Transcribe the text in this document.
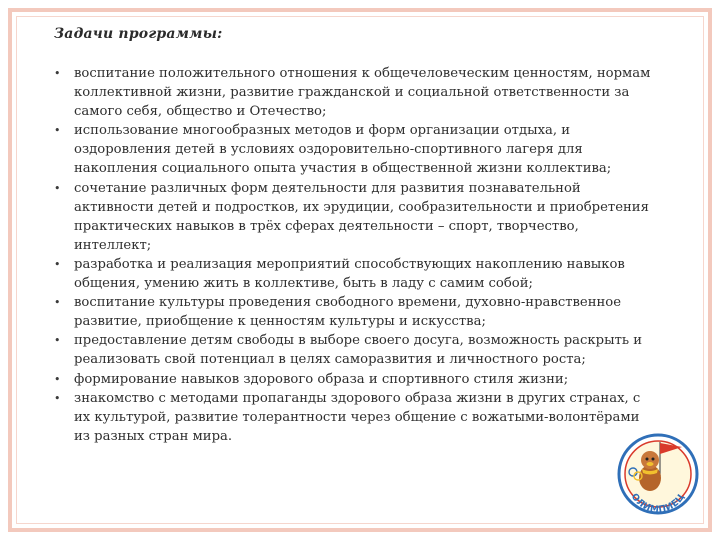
Задачи программы:
• воспитание положительного отношения к общечеловеческим ценностям, нормам коллективной жизни, развитие гражданской и социальной ответственности за самого себя, общество и Отечество;
• использование многообразных методов и форм организации отдыха, и оздоровления детей в условиях оздоровительно-спортивного лагеря для накопления социального опыта участия в общественной жизни коллектива;
• сочетание различных форм деятельности для развития познавательной активности детей и подростков, их эрудиции, сообразительности и приобретения практических навыков в трёх сферах деятельности – спорт, творчество, интеллект;
• разработка и реализация мероприятий способствующих накоплению навыков общения, умению жить в коллективе, быть в ладу с самим собой;
• воспитание культуры проведения свободного времени, духовно-нравственное развитие, приобщение к ценностям культуры и искусства;
• предоставление детям свободы в выборе своего досуга, возможность раскрыть и реализовать свой потенциал в целях саморазвития и личностного роста;
• формирование навыков здорового образа и спортивного стиля жизни;
• знакомство с методами пропаганды здорового образа жизни в других странах, с их культурой, развитие толерантности через общение с вожатыми-волонтёрами из разных стран мира.
ОЛИМПИЕЦ
